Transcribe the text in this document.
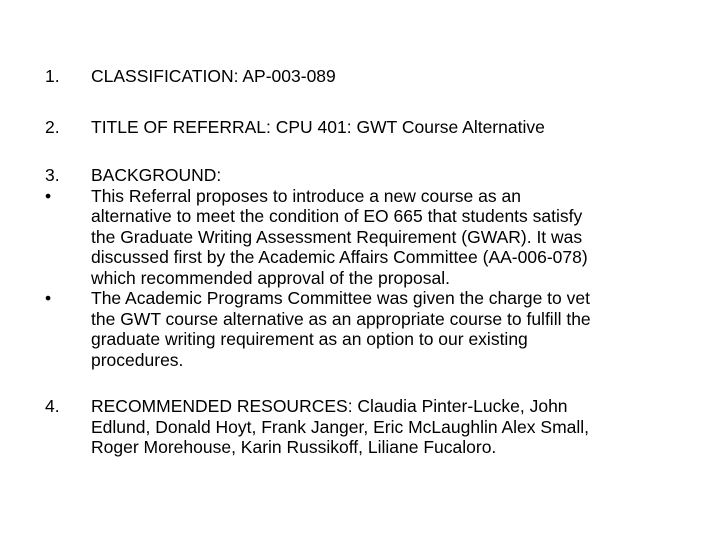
1. CLASSIFICATION: AP-003-089
2. TITLE OF REFERRAL: CPU 401: GWT Course Alternative
3. BACKGROUND:
• This Referral proposes to introduce a new course as an
alternative to meet the condition of EO 665 that students satisfy
the Graduate Writing Assessment Requirement (GWAR). It was
discussed first by the Academic Affairs Committee (AA-006-078)
which recommended approval of the proposal.
• The Academic Programs Committee was given the charge to vet
the GWT course alternative as an appropriate course to fulfill the
graduate writing requirement as an option to our existing
procedures.
4. RECOMMENDED RESOURCES: Claudia Pinter-Lucke, John
Edlund, Donald Hoyt, Frank Janger, Eric McLaughlin Alex Small,
Roger Morehouse, Karin Russikoff, Liliane Fucaloro.
